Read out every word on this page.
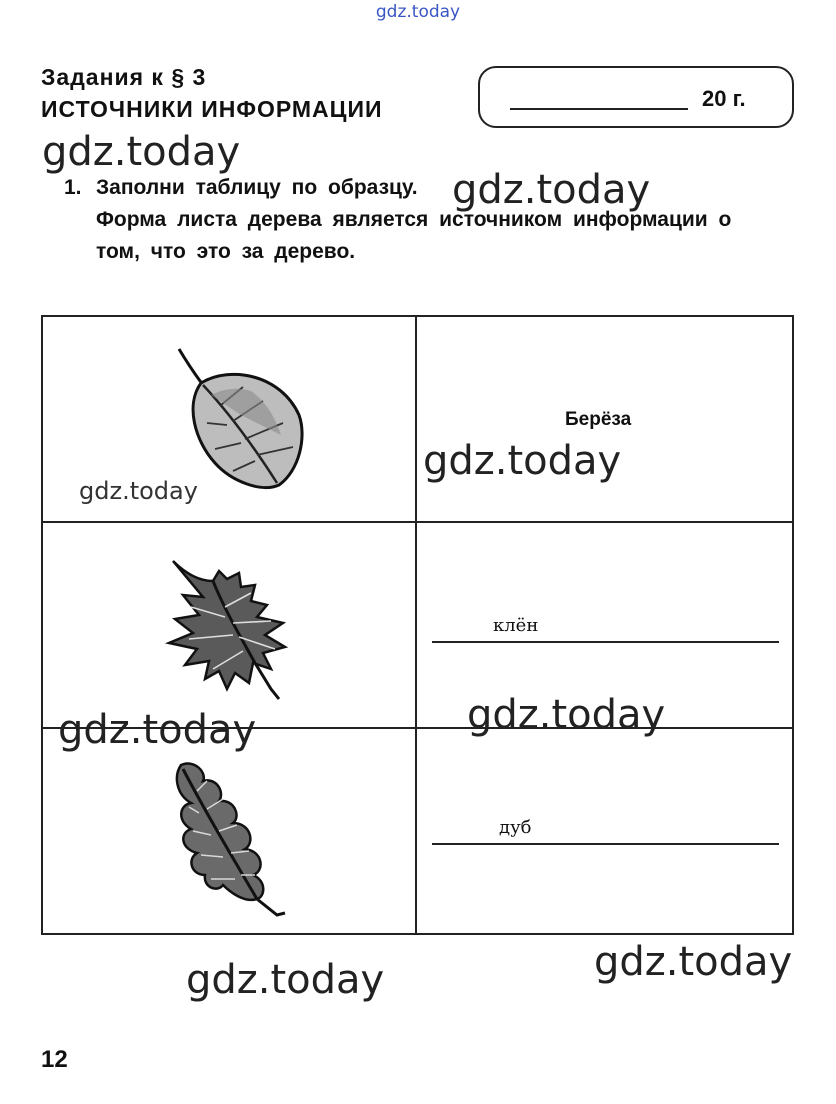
gdz.today
Задания к § 3
ИСТОЧНИКИ ИНФОРМАЦИИ	20 г.
gdz.today
1. Заполни таблицу по образцу. gdz.today
Форма листа дерева является источником информации о
том, что это за дерево.
gdz.today
Берёза
gdz.today
клён
gdz.today
дуб
gdz.today
gdz.today	gdz.today
12
